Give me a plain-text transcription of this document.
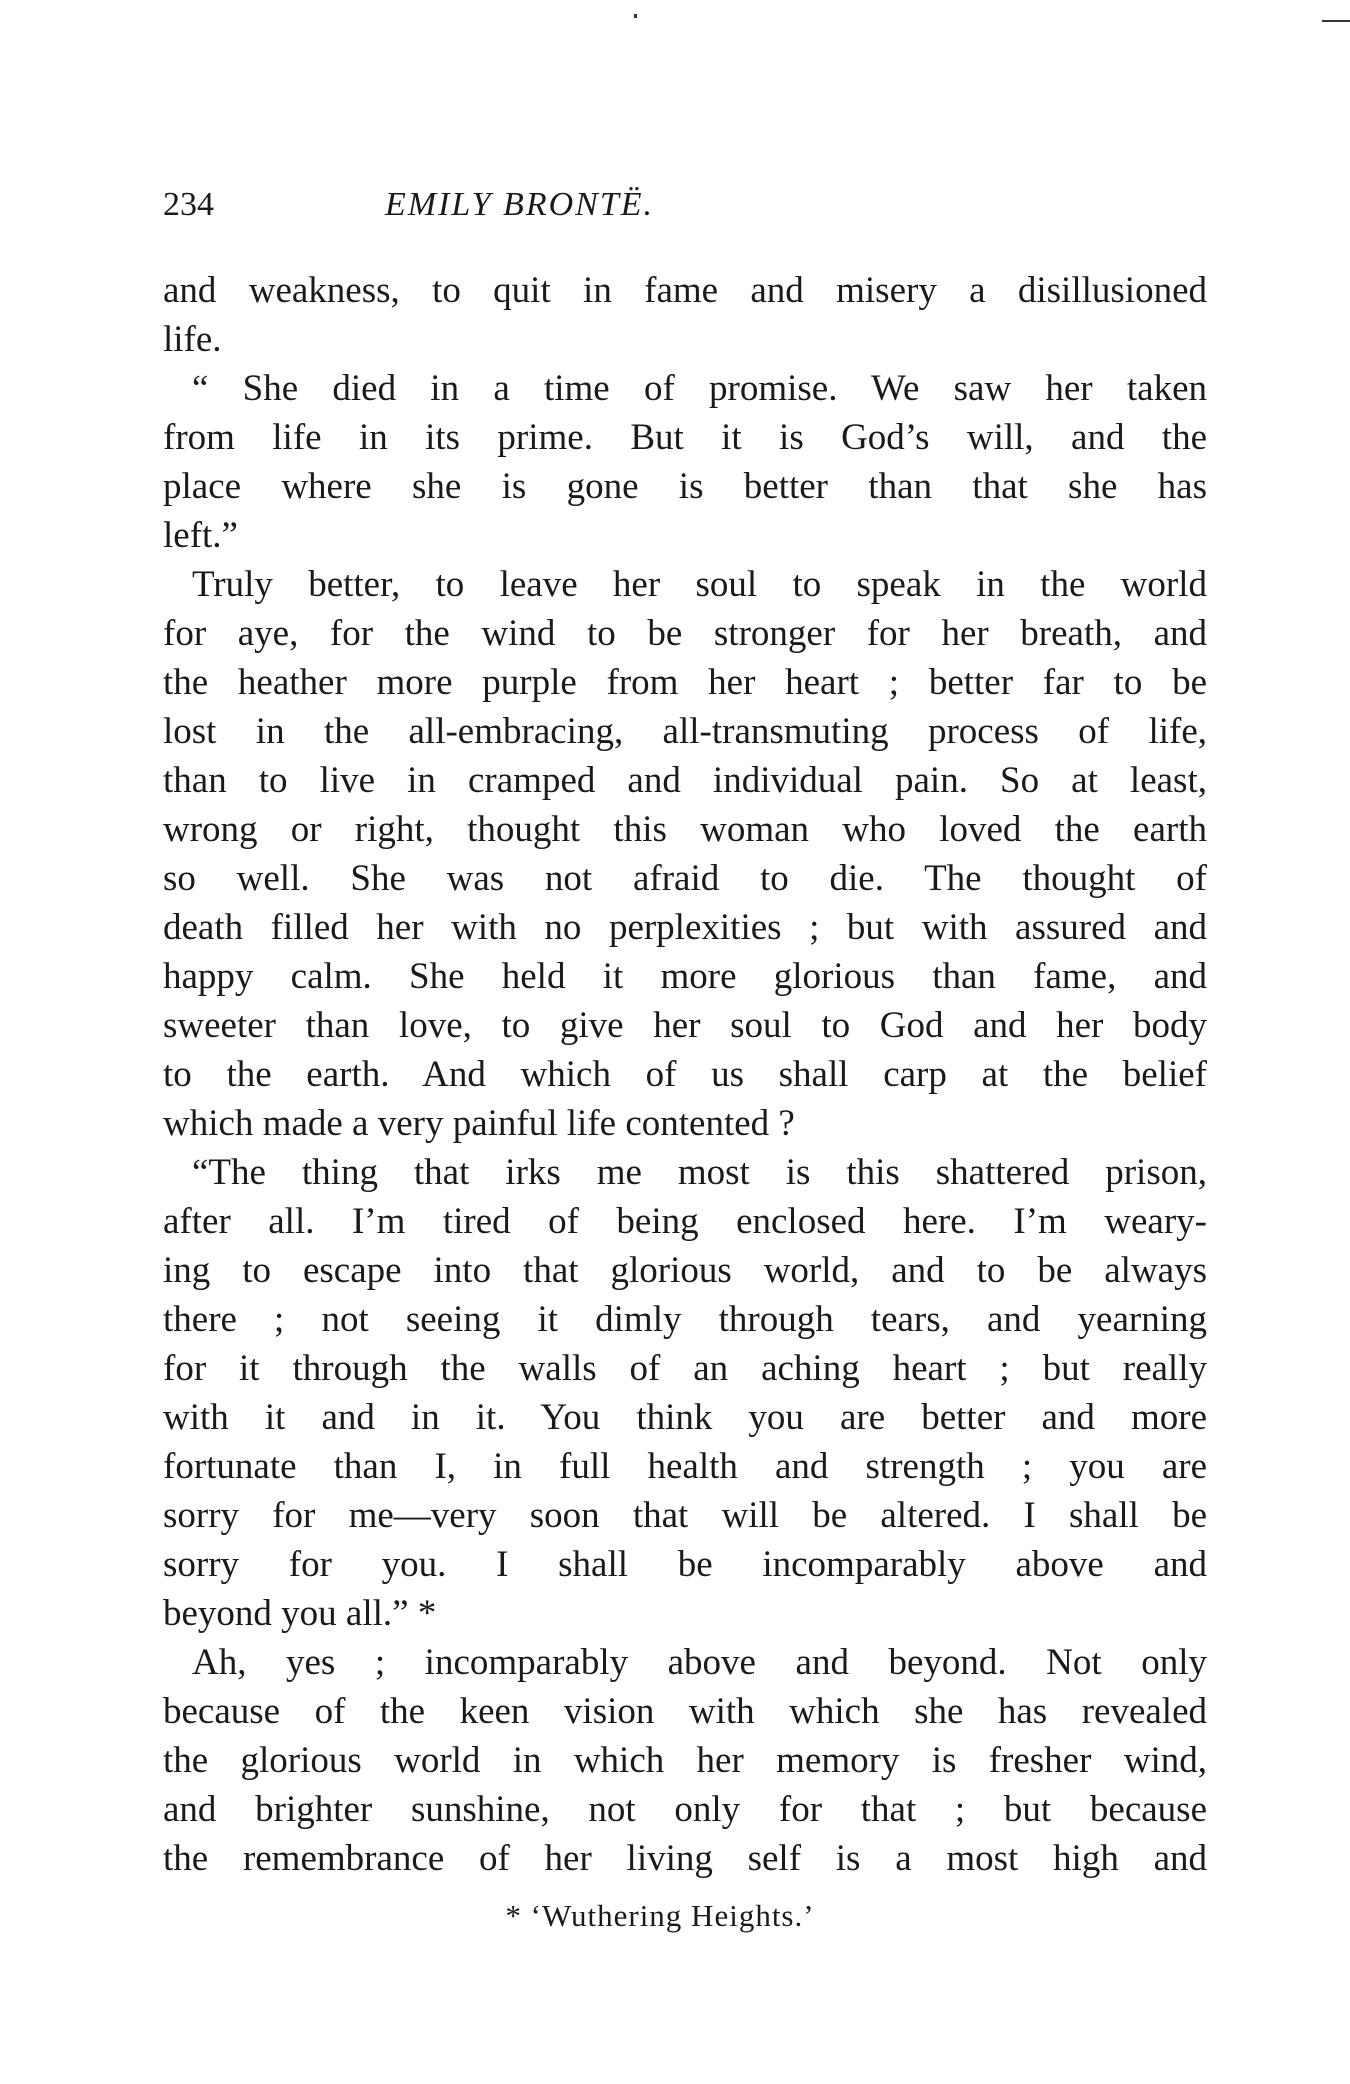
234	EMILY BRONTË.
and weakness, to quit in fame and misery a disillusioned
life.
“ She died in a time of promise. We saw her taken
from life in its prime. But it is God’s will, and the
place where she is gone is better than that she has
left.”
Truly better, to leave her soul to speak in the world
for aye, for the wind to be stronger for her breath, and
the heather more purple from her heart ; better far to be
lost in the all-embracing, all-transmuting process of life,
than to live in cramped and individual pain. So at least,
wrong or right, thought this woman who loved the earth
so well. She was not afraid to die. The thought of
death filled her with no perplexities ; but with assured and
happy calm. She held it more glorious than fame, and
sweeter than love, to give her soul to God and her body
to the earth. And which of us shall carp at the belief
which made a very painful life contented ?
“The thing that irks me most is this shattered prison,
after all. I’m tired of being enclosed here. I’m weary-
ing to escape into that glorious world, and to be always
there ; not seeing it dimly through tears, and yearning
for it through the walls of an aching heart ; but really
with it and in it. You think you are better and more
fortunate than I, in full health and strength ; you are
sorry for me—very soon that will be altered. I shall be
sorry for you. I shall be incomparably above and
beyond you all.” *
Ah, yes ; incomparably above and beyond. Not only
because of the keen vision with which she has revealed
the glorious world in which her memory is fresher wind,
and brighter sunshine, not only for that ; but because
the remembrance of her living self is a most high and
* ‘Wuthering Heights.’
